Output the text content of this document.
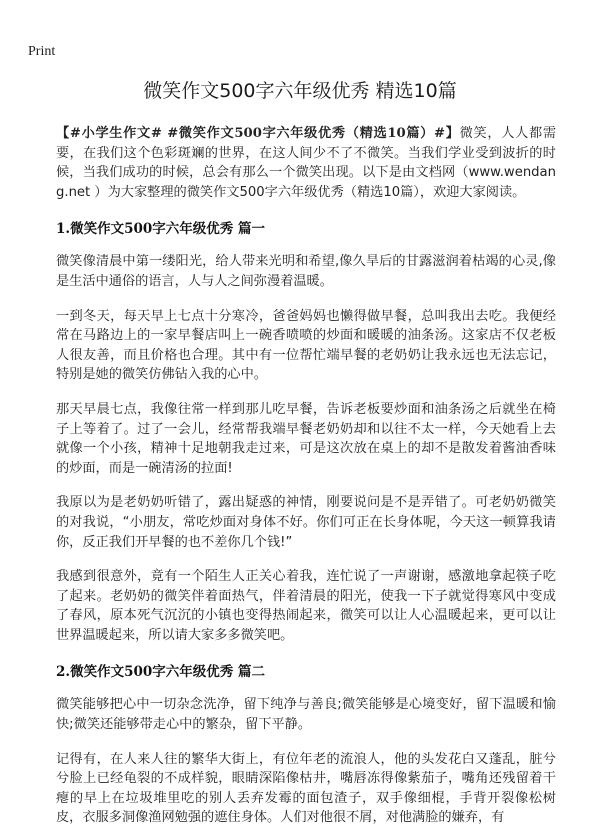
Print
微笑作文500字六年级优秀 精选10篇

【#小学生作文# #微笑作文500字六年级优秀（精选10篇）#】微笑，人人都需要，在我们这个色彩斑斓的世界，在这人间少不了不微笑。当我们学业受到波折的时候，当我们成功的时候，总会有那么一个微笑出现。以下是由文档网（www.wendang.net ）为大家整理的微笑作文500字六年级优秀（精选10篇），欢迎大家阅读。

1.微笑作文500字六年级优秀 篇一

微笑像清晨中第一缕阳光，给人带来光明和希望,像久旱后的甘露滋润着枯竭的心灵,像是生活中通俗的语言，人与人之间弥漫着温暖。

一到冬天，每天早上七点十分寒冷，爸爸妈妈也懒得做早餐，总叫我出去吃。我便经常在马路边上的一家早餐店叫上一碗香喷喷的炒面和暖暖的油条汤。这家店不仅老板人很友善，而且价格也合理。其中有一位帮忙端早餐的老奶奶让我永远也无法忘记，特别是她的微笑仿佛钻入我的心中。

那天早晨七点，我像往常一样到那儿吃早餐，告诉老板要炒面和油条汤之后就坐在椅子上等着了。过了一会儿，经常帮我端早餐老奶奶却和以往不太一样，今天她看上去就像一个小孩，精神十足地朝我走过来，可是这次放在桌上的却不是散发着酱油香味的炒面，而是一碗清汤的拉面!

我原以为是老奶奶听错了，露出疑惑的神情，刚要说问是不是弄错了。可老奶奶微笑的对我说，“小朋友，常吃炒面对身体不好。你们可正在长身体呢，今天这一顿算我请你，反正我们开早餐的也不差你几个钱!”

我感到很意外，竟有一个陌生人正关心着我，连忙说了一声谢谢，感激地拿起筷子吃了起来。老奶奶的微笑伴着面热气，伴着清晨的阳光，使我一下子就觉得寒风中变成了春风，原本死气沉沉的小镇也变得热闹起来，微笑可以让人心温暖起来，更可以让世界温暖起来，所以请大家多多微笑吧。

2.微笑作文500字六年级优秀 篇二

微笑能够把心中一切杂念洗净，留下纯净与善良;微笑能够是心境变好，留下温暖和愉快;微笑还能够带走心中的繁杂，留下平静。

记得有，在人来人往的繁华大街上，有位年老的流浪人，他的头发花白又蓬乱，脏兮兮脸上已经龟裂的不成样貌，眼睛深陷像枯井，嘴唇冻得像紫茄子，嘴角还残留着干瘪的早上在垃圾堆里吃的别人丢弃发霉的面包渣子，双手像细棍，手背开裂像松树皮，衣服多洞像渔网勉强的遮住身体。人们对他很不屑，对他满脸的嫌弃，有
